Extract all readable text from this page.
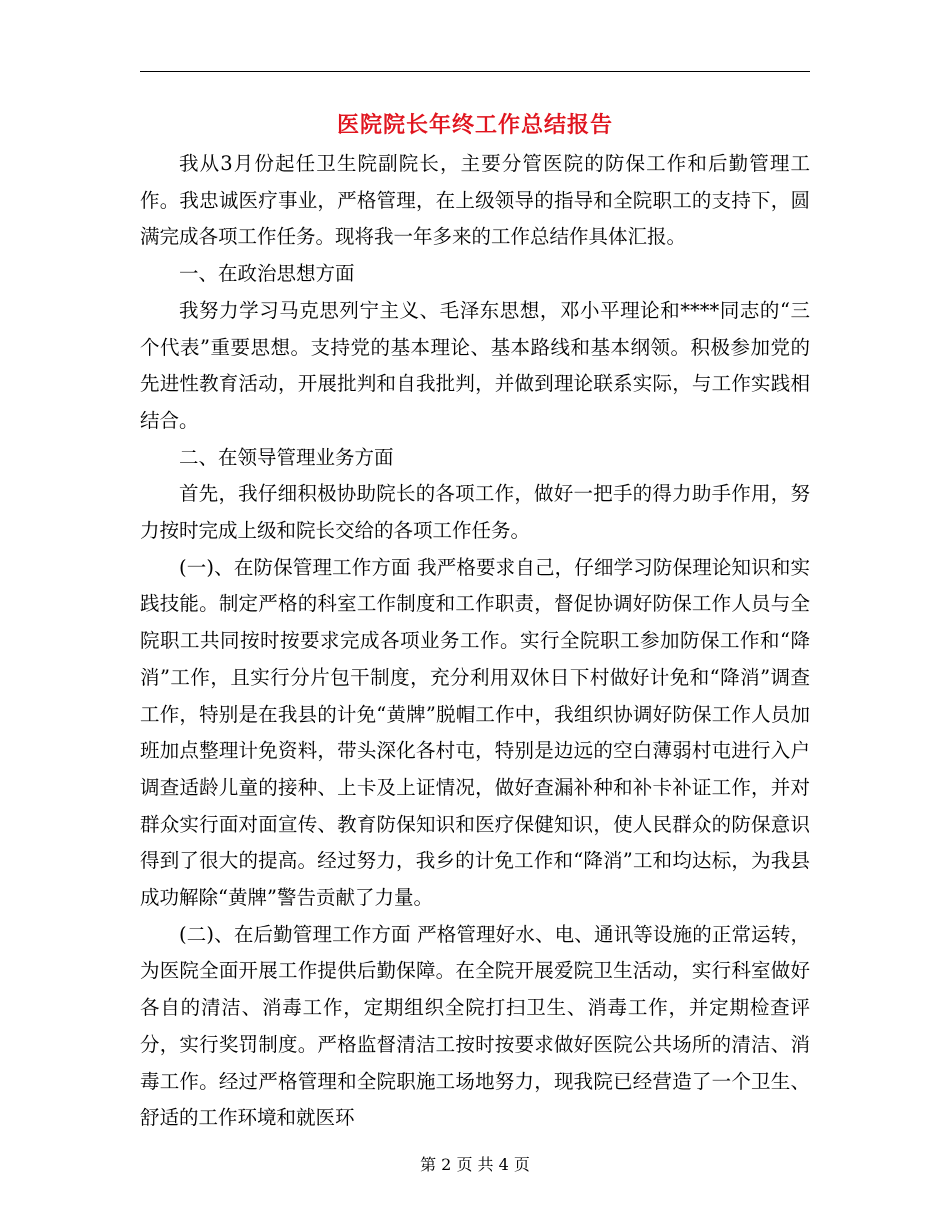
医院院长年终工作总结报告

我从3月份起任卫生院副院长，主要分管医院的防保工作和后勤管理工作。我忠诚医疗事业，严格管理，在上级领导的指导和全院职工的支持下，圆满完成各项工作任务。现将我一年多来的工作总结作具体汇报。

一、在政治思想方面

我努力学习马克思列宁主义、毛泽东思想，邓小平理论和****同志的“三个代表”重要思想。支持党的基本理论、基本路线和基本纲领。积极参加党的先进性教育活动，开展批判和自我批判，并做到理论联系实际，与工作实践相结合。

二、在领导管理业务方面

首先，我仔细积极协助院长的各项工作，做好一把手的得力助手作用，努力按时完成上级和院长交给的各项工作任务。

(一)、在防保管理工作方面 我严格要求自己，仔细学习防保理论知识和实践技能。制定严格的科室工作制度和工作职责，督促协调好防保工作人员与全院职工共同按时按要求完成各项业务工作。实行全院职工参加防保工作和“降消”工作，且实行分片包干制度，充分利用双休日下村做好计免和“降消”调查工作，特别是在我县的计免“黄牌”脱帽工作中，我组织协调好防保工作人员加班加点整理计免资料，带头深化各村屯，特别是边远的空白薄弱村屯进行入户调查适龄儿童的接种、上卡及上证情况，做好查漏补种和补卡补证工作，并对群众实行面对面宣传、教育防保知识和医疗保健知识，使人民群众的防保意识得到了很大的提高。经过努力，我乡的计免工作和“降消”工和均达标，为我县成功解除“黄牌”警告贡献了力量。

(二)、在后勤管理工作方面 严格管理好水、电、通讯等设施的正常运转，为医院全面开展工作提供后勤保障。在全院开展爱院卫生活动，实行科室做好各自的清洁、消毒工作，定期组织全院打扫卫生、消毒工作，并定期检查评分，实行奖罚制度。严格监督清洁工按时按要求做好医院公共场所的清洁、消毒工作。经过严格管理和全院职施工场地努力，现我院已经营造了一个卫生、舒适的工作环境和就医环

第 2 页 共 4 页
